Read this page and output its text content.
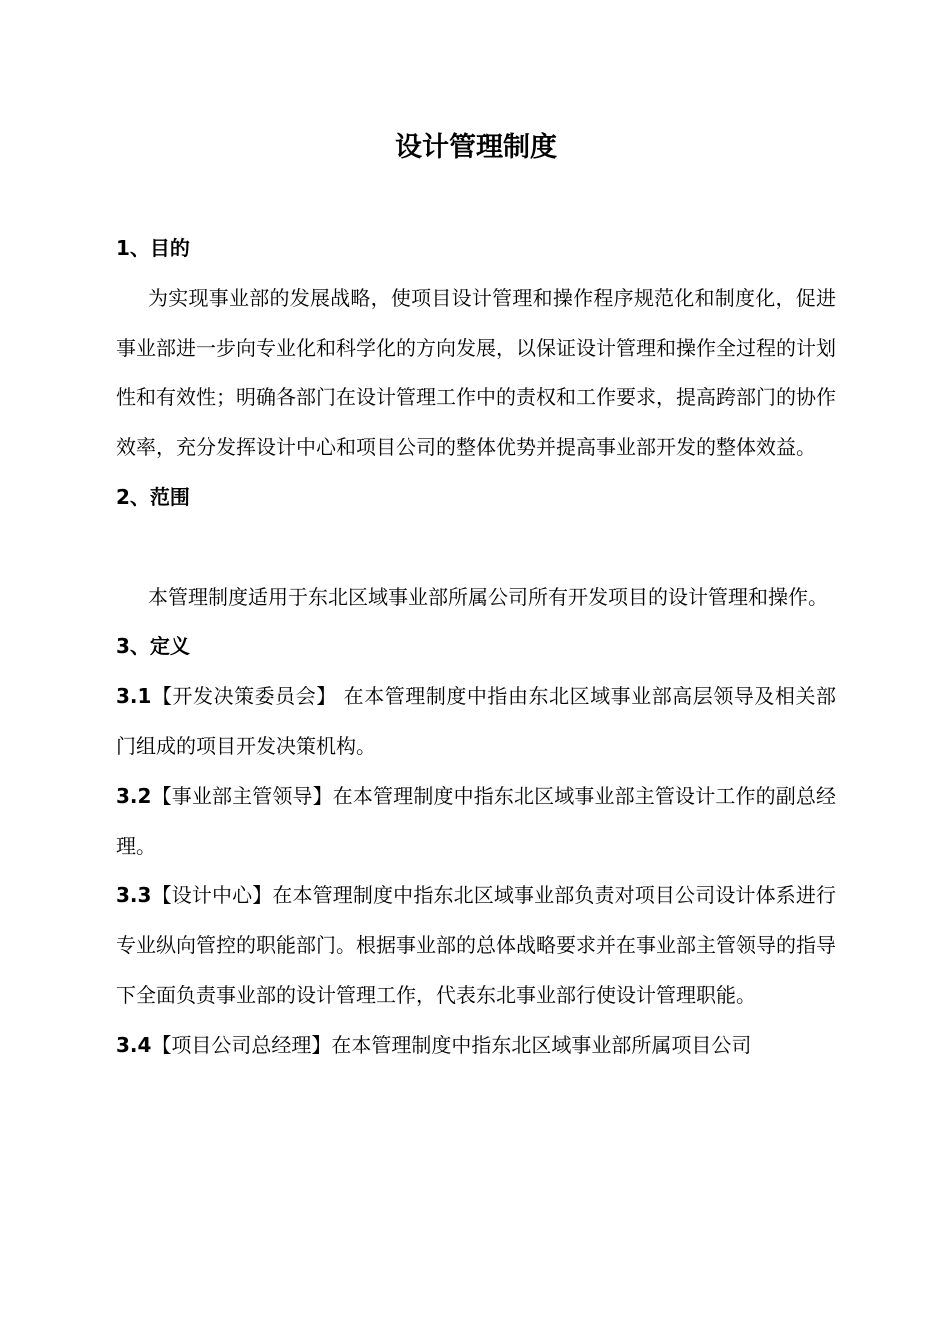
设计管理制度

1、目的

为实现事业部的发展战略，使项目设计管理和操作程序规范化和制度化，促进事业部进一步向专业化和科学化的方向发展，以保证设计管理和操作全过程的计划性和有效性；明确各部门在设计管理工作中的责权和工作要求，提高跨部门的协作效率，充分发挥设计中心和项目公司的整体优势并提高事业部开发的整体效益。

2、范围

本管理制度适用于东北区域事业部所属公司所有开发项目的设计管理和操作。

3、定义

3.1【开发决策委员会】 在本管理制度中指由东北区域事业部高层领导及相关部门组成的项目开发决策机构。

3.2【事业部主管领导】在本管理制度中指东北区域事业部主管设计工作的副总经理。

3.3【设计中心】在本管理制度中指东北区域事业部负责对项目公司设计体系进行专业纵向管控的职能部门。根据事业部的总体战略要求并在事业部主管领导的指导下全面负责事业部的设计管理工作，代表东北事业部行使设计管理职能。

3.4【项目公司总经理】在本管理制度中指东北区域事业部所属项目公司
